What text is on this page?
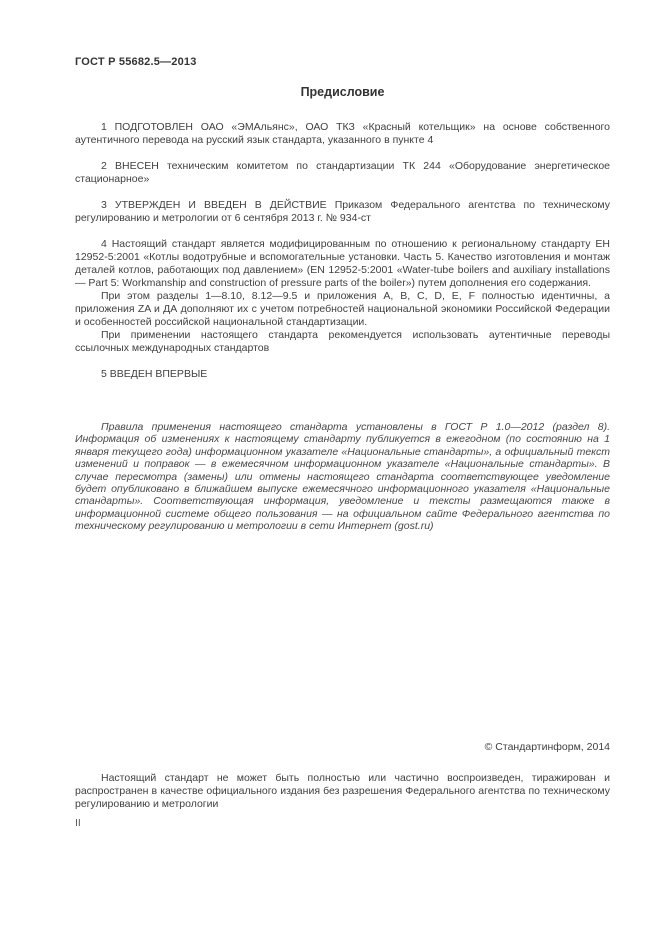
ГОСТ Р 55682.5—2013
Предисловие

1 ПОДГОТОВЛЕН ОАО «ЭМАльянс», ОАО ТКЗ «Красный котельщик» на основе собственного аутентичного перевода на русский язык стандарта, указанного в пункте 4

2 ВНЕСЕН техническим комитетом по стандартизации ТК 244 «Оборудование энергетическое стационарное»

3 УТВЕРЖДЕН И ВВЕДЕН В ДЕЙСТВИЕ Приказом Федерального агентства по техническому регулированию и метрологии от 6 сентября 2013 г. № 934-ст

4 Настоящий стандарт является модифицированным по отношению к региональному стандарту ЕН 12952-5:2001 «Котлы водотрубные и вспомогательные установки. Часть 5. Качество изготовления и монтаж деталей котлов, работающих под давлением» (EN 12952-5:2001 «Water-tube boilers and auxiliary installations — Part 5: Workmanship and construction of pressure parts of the boiler») путем дополнения его содержания.

При этом разделы 1—8.10, 8.12—9.5 и приложения A, B, C, D, E, F полностью идентичны, а приложения ZA и ДА дополняют их с учетом потребностей национальной экономики Российской Федерации и особенностей российской национальной стандартизации.

При применении настоящего стандарта рекомендуется использовать аутентичные переводы ссылочных международных стандартов

5 ВВЕДЕН ВПЕРВЫЕ

Правила применения настоящего стандарта установлены в ГОСТ Р 1.0—2012 (раздел 8). Информация об изменениях к настоящему стандарту публикуется в ежегодном (по состоянию на 1 января текущего года) информационном указателе «Национальные стандарты», а официальный текст изменений и поправок — в ежемесячном информационном указателе «Национальные стандарты». В случае пересмотра (замены) или отмены настоящего стандарта соответствующее уведомление будет опубликовано в ближайшем выпуске ежемесячного информационного указателя «Национальные стандарты». Соответствующая информация, уведомление и тексты размещаются также в информационной системе общего пользования — на официальном сайте Федерального агентства по техническому регулированию и метрологии в сети Интернет (gost.ru)

© Стандартинформ, 2014

Настоящий стандарт не может быть полностью или частично воспроизведен, тиражирован и распространен в качестве официального издания без разрешения Федерального агентства по техническому регулированию и метрологии

II
